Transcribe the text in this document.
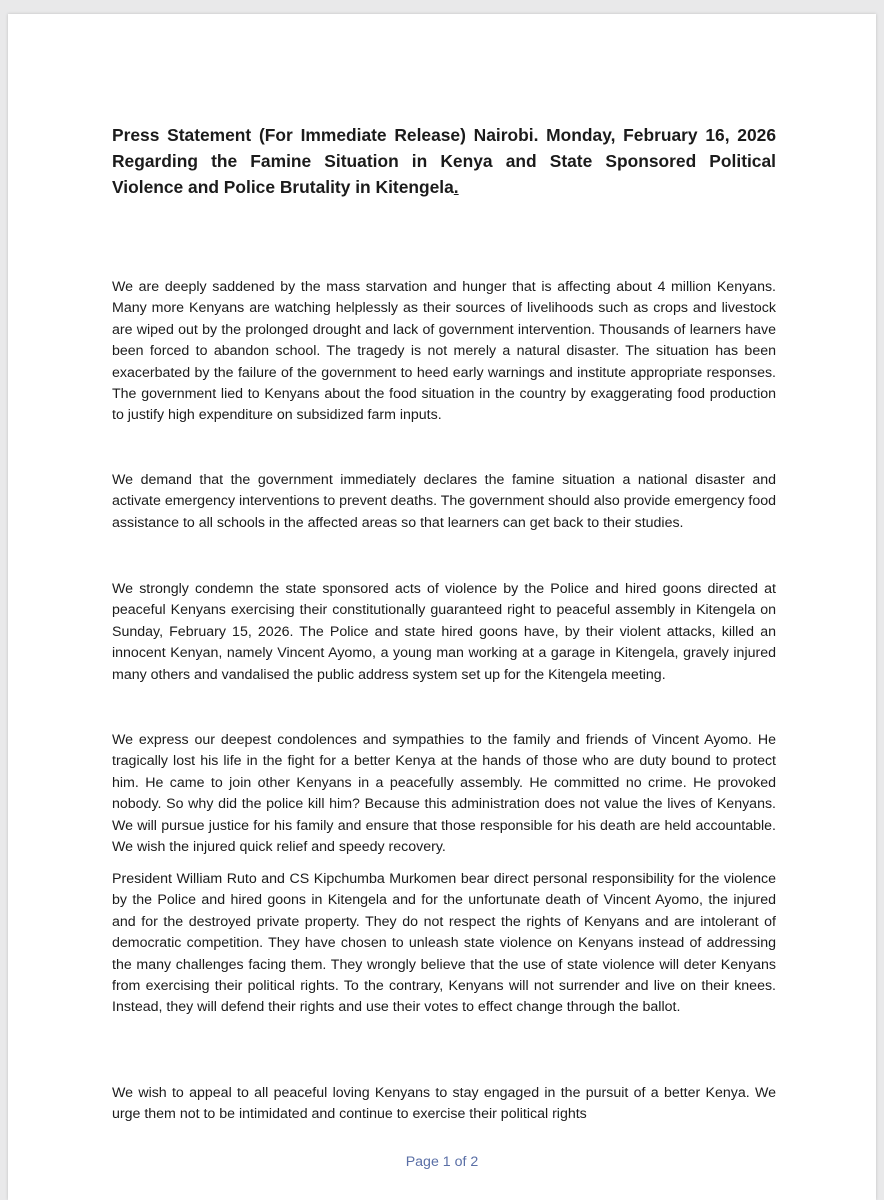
Press Statement (For Immediate Release) Nairobi. Monday, February 16, 2026
Regarding the Famine Situation in Kenya and State Sponsored Political
Violence and Police Brutality in Kitengela.

We are deeply saddened by the mass starvation and hunger that is affecting about 4 million Kenyans. Many more Kenyans are watching helplessly as their sources of livelihoods such as crops and livestock are wiped out by the prolonged drought and lack of government intervention. Thousands of learners have been forced to abandon school. The tragedy is not merely a natural disaster. The situation has been exacerbated by the failure of the government to heed early warnings and institute appropriate responses. The government lied to Kenyans about the food situation in the country by exaggerating food production to justify high expenditure on subsidized farm inputs.

We demand that the government immediately declares the famine situation a national disaster and activate emergency interventions to prevent deaths. The government should also provide emergency food assistance to all schools in the affected areas so that learners can get back to their studies.

We strongly condemn the state sponsored acts of violence by the Police and hired goons directed at peaceful Kenyans exercising their constitutionally guaranteed right to peaceful assembly in Kitengela on Sunday, February 15, 2026. The Police and state hired goons have, by their violent attacks, killed an innocent Kenyan, namely Vincent Ayomo, a young man working at a garage in Kitengela, gravely injured many others and vandalised the public address system set up for the Kitengela meeting.

We express our deepest condolences and sympathies to the family and friends of Vincent Ayomo. He tragically lost his life in the fight for a better Kenya at the hands of those who are duty bound to protect him. He came to join other Kenyans in a peacefully assembly. He committed no crime. He provoked nobody. So why did the police kill him? Because this administration does not value the lives of Kenyans. We will pursue justice for his family and ensure that those responsible for his death are held accountable. We wish the injured quick relief and speedy recovery.

President William Ruto and CS Kipchumba Murkomen bear direct personal responsibility for the violence by the Police and hired goons in Kitengela and for the unfortunate death of Vincent Ayomo, the injured and for the destroyed private property. They do not respect the rights of Kenyans and are intolerant of democratic competition. They have chosen to unleash state violence on Kenyans instead of addressing the many challenges facing them. They wrongly believe that the use of state violence will deter Kenyans from exercising their political rights. To the contrary, Kenyans will not surrender and live on their knees. Instead, they will defend their rights and use their votes to effect change through the ballot.

We wish to appeal to all peaceful loving Kenyans to stay engaged in the pursuit of a better Kenya. We urge them not to be intimidated and continue to exercise their political rights

Page 1 of 2
